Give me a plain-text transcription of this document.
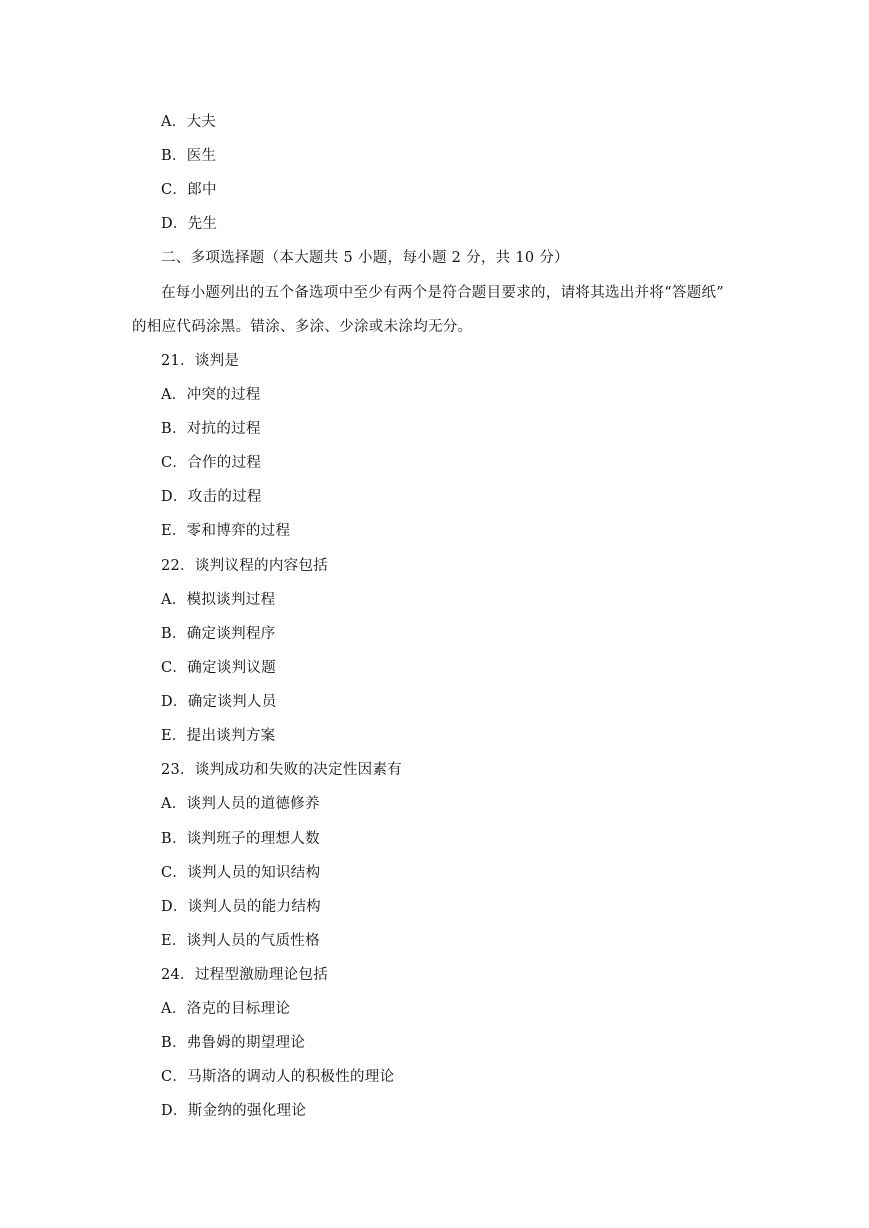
A．大夫
B．医生
C．郎中
D．先生
二、多项选择题（本大题共 5 小题，每小题 2 分，共 10 分）
在每小题列出的五个备选项中至少有两个是符合题目要求的，请将其选出并将“答题纸”
的相应代码涂黑。错涂、多涂、少涂或未涂均无分。
21．谈判是
A．冲突的过程
B．对抗的过程
C．合作的过程
D．攻击的过程
E．零和博弈的过程
22．谈判议程的内容包括
A．模拟谈判过程
B．确定谈判程序
C．确定谈判议题
D．确定谈判人员
E．提出谈判方案
23．谈判成功和失败的决定性因素有
A．谈判人员的道德修养
B．谈判班子的理想人数
C．谈判人员的知识结构
D．谈判人员的能力结构
E．谈判人员的气质性格
24．过程型激励理论包括
A．洛克的目标理论
B．弗鲁姆的期望理论
C．马斯洛的调动人的积极性的理论
D．斯金纳的强化理论
